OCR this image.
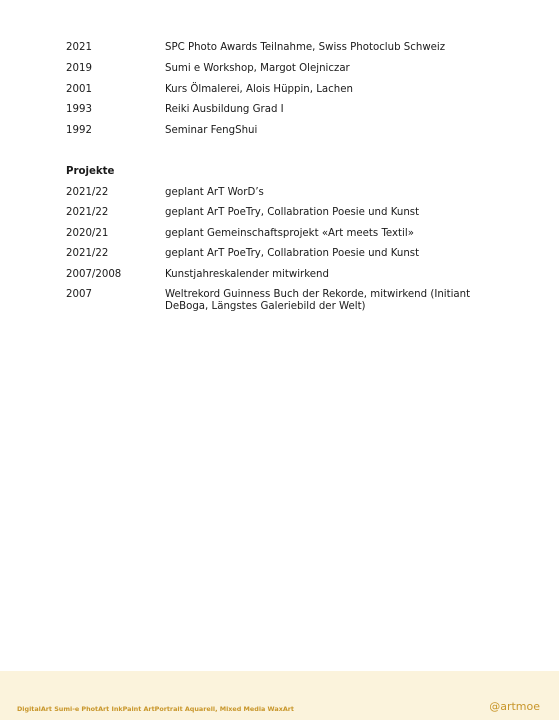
2021	SPC Photo Awards Teilnahme, Swiss Photoclub Schweiz
2019	Sumi e Workshop, Margot Olejniczar
2001	Kurs Ölmalerei, Alois Hüppin, Lachen
1993	Reiki Ausbildung Grad I
1992	Seminar FengShui
Projekte
2021/22	geplant ArT WorD’s
2021/22	geplant ArT PoeTry, Collabration Poesie und Kunst
2020/21	geplant Gemeinschaftsprojekt «Art meets Textil»
2021/22	geplant ArT PoeTry, Collabration Poesie und Kunst
2007/2008	Kunstjahreskalender mitwirkend
2007	Weltrekord Guinness Buch der Rekorde, mitwirkend (Initiant DeBoga, Längstes Galeriebild der Welt)
DigitalArt Sumi-e PhotArt InkPaint ArtPortrait Aquarell, Mixed Media WaxArt	@artmoe
